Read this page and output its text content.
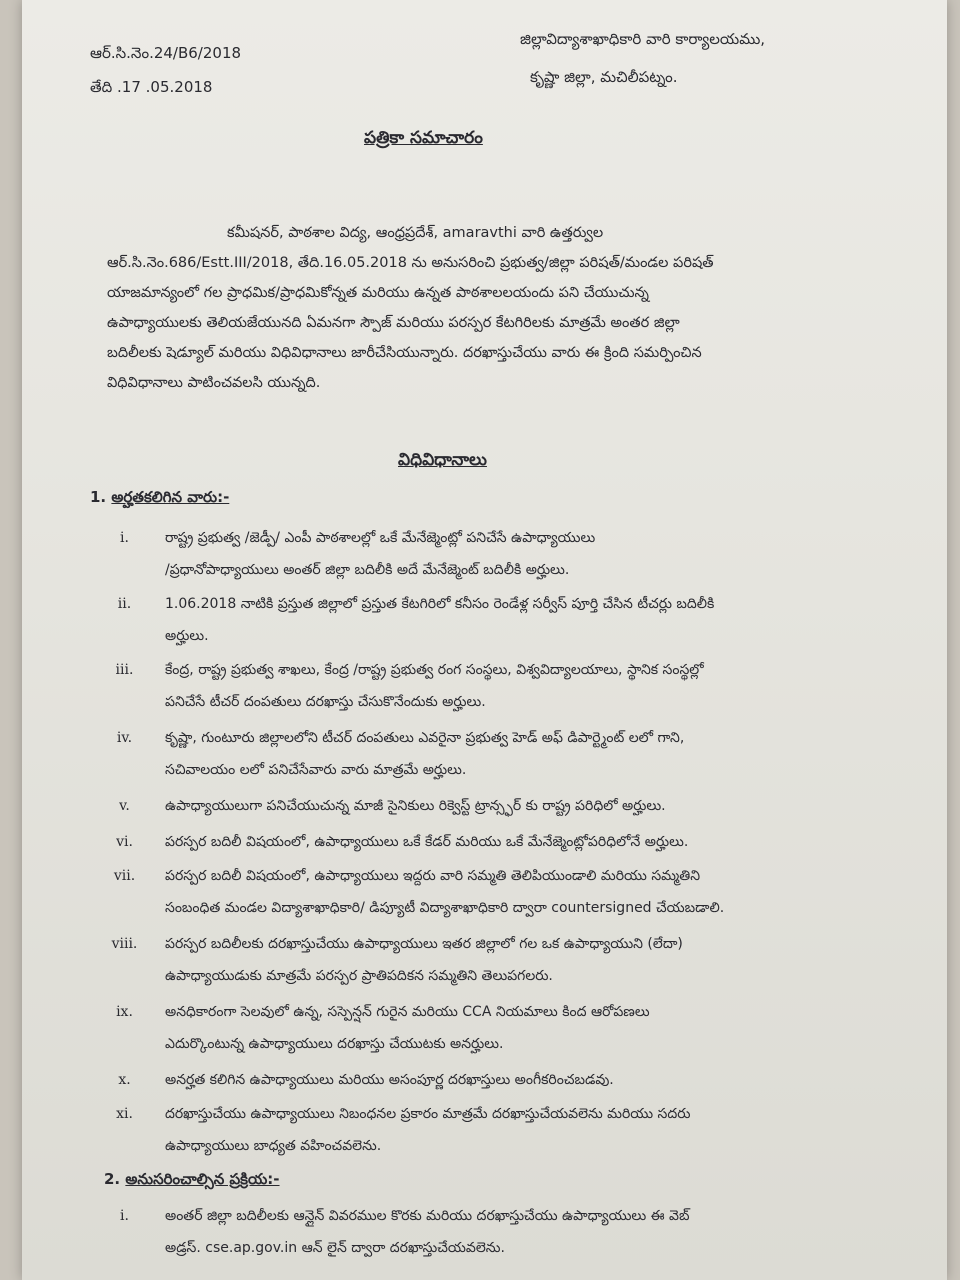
ఆర్.సి.నెం.24/B6/2018
తేది .17 .05.2018
జిల్లావిద్యాశాఖాధికారి వారి కార్యాలయము,
కృష్ణా జిల్లా, మచిలీపట్నం.
పత్రికా సమాచారం
కమీషనర్, పాఠశాల విద్య, ఆంధ్రప్రదేశ్, amaravthi వారి ఉత్తర్వుల
ఆర్.సి.నెం.686/Estt.III/2018, తేది.16.05.2018 ను అనుసరించి ప్రభుత్వ/జిల్లా పరిషత్/మండల పరిషత్
యాజమాన్యంలో గల ప్రాధమిక/ప్రాధమికోన్నత మరియు ఉన్నత పాఠశాలలయందు పని చేయుచున్న
ఉపాధ్యాయులకు తెలియజేయునది ఏమనగా స్పౌజ్ మరియు పరస్పర కేటగిరిలకు మాత్రమే అంతర జిల్లా
బదిలీలకు షెడ్యూల్ మరియు విధివిధానాలు జారీచేసియున్నారు. దరఖాస్తుచేయు వారు ఈ క్రింది సమర్పించిన
విధివిధానాలు పాటించవలసి యున్నది.
విధివిధానాలు
1. అర్హతకలిగిన వారు:-
i.	రాష్ట్ర ప్రభుత్వ /జెడ్పీ/ ఎంపీ పాఠశాలల్లో ఒకే మేనేజ్మెంట్లో పనిచేసే ఉపాధ్యాయులు
/ప్రధానోపాధ్యాయులు అంతర్ జిల్లా బదిలీకి అదే మేనేజ్మెంట్ బదిలీకి అర్హులు.
ii.	1.06.2018 నాటికి ప్రస్తుత జిల్లాలో ప్రస్తుత కేటగిరిలో కనీసం రెండేళ్ల సర్వీస్ పూర్తి చేసిన టీచర్లు బదిలీకి
అర్హులు.
iii.	కేంద్ర, రాష్ట్ర ప్రభుత్వ శాఖలు, కేంద్ర /రాష్ట్ర ప్రభుత్వ రంగ సంస్థలు, విశ్వవిద్యాలయాలు, స్థానిక సంస్థల్లో
పనిచేసే టీచర్ దంపతులు దరఖాస్తు చేసుకొనేందుకు అర్హులు.
iv.	కృష్ణా, గుంటూరు జిల్లాలలోని టీచర్ దంపతులు ఎవరైనా ప్రభుత్వ హెడ్ అఫ్ డిపార్ట్మెంట్ లలో గాని,
సచివాలయం లలో పనిచేసేవారు వారు మాత్రమే అర్హులు.
v.	ఉపాధ్యాయులుగా పనిచేయుచున్న మాజీ సైనికులు రిక్వెస్ట్ ట్రాన్స్ఫర్ కు రాష్ట్ర పరిధిలో అర్హులు.
vi.	పరస్పర బదిలీ విషయంలో, ఉపాధ్యాయులు ఒకే కేడర్ మరియు ఒకే మేనేజ్మెంట్లోపరిధిలోనే అర్హులు.
vii.	పరస్పర బదిలీ విషయంలో, ఉపాధ్యాయులు ఇద్దరు వారి సమ్మతి తెలిపియుండాలి మరియు సమ్మతిని
సంబంధిత మండల విద్యాశాఖాధికారి/ డిప్యూటీ విద్యాశాఖాధికారి ద్వారా countersigned చేయబడాలి.
viii.	పరస్పర బదిలీలకు దరఖాస్తుచేయు ఉపాధ్యాయులు ఇతర జిల్లాలో గల ఒక ఉపాధ్యాయుని (లేదా)
ఉపాధ్యాయుడుకు మాత్రమే పరస్పర ప్రాతిపదికన సమ్మతిని తెలుపగలరు.
ix.	అనధికారంగా సెలవులో ఉన్న, సస్పెన్షన్ గురైన మరియు CCA నియమాలు కింద ఆరోపణలు
ఎదుర్కొంటున్న ఉపాధ్యాయులు దరఖాస్తు చేయుటకు అనర్హులు.
x.	అనర్హత కలిగిన ఉపాధ్యాయులు మరియు అసంపూర్ణ దరఖాస్తులు అంగీకరించబడవు.
xi.	దరఖాస్తుచేయు ఉపాధ్యాయులు నిబంధనల ప్రకారం మాత్రమే దరఖాస్తుచేయవలెను మరియు సదరు
ఉపాధ్యాయులు బాధ్యత వహించవలెను.
2. అనుసరించాల్సిన ప్రక్రియ:-
i.	అంతర్ జిల్లా బదిలీలకు ఆన్లైన్ వివరముల కొరకు మరియు దరఖాస్తుచేయు ఉపాధ్యాయులు ఈ వెబ్
అడ్రస్. cse.ap.gov.in ఆన్ లైన్ ద్వారా దరఖాస్తుచేయవలెను.
